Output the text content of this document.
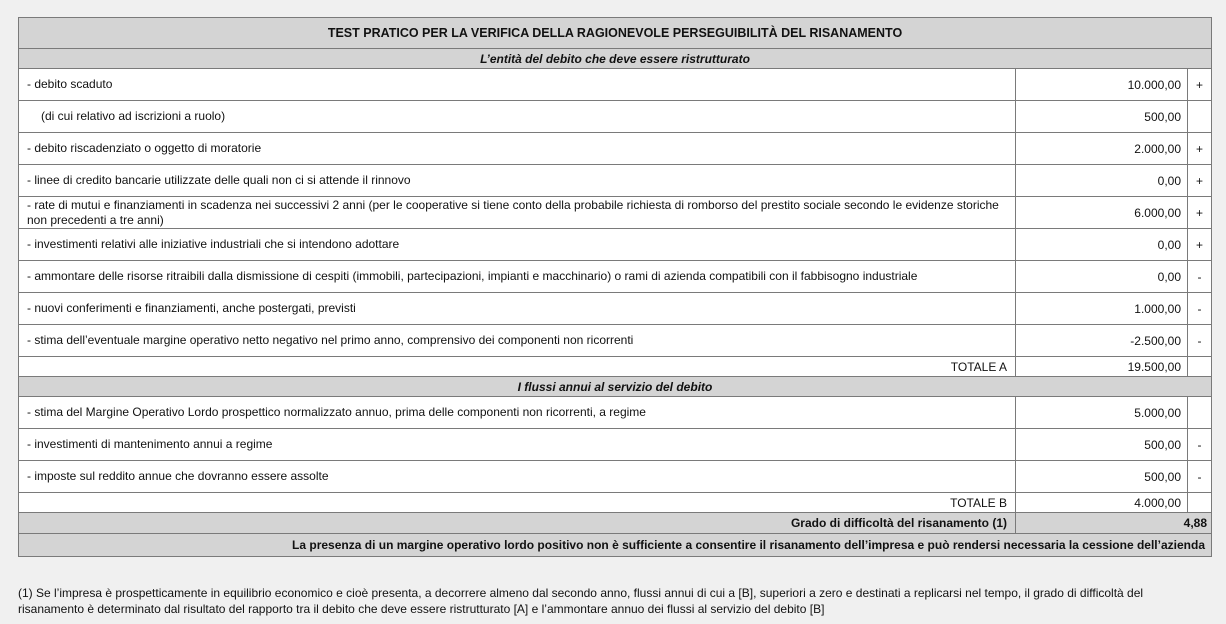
TEST PRATICO PER LA VERIFICA DELLA RAGIONEVOLE PERSEGUIBILITÀ DEL RISANAMENTO		
L’entità del debito che deve essere ristrutturato		
- debito scaduto	10.000,00	+
(di cui relativo ad iscrizioni a ruolo)	500,00	
- debito riscadenziato o oggetto di moratorie	2.000,00	+
- linee di credito bancarie utilizzate delle quali non ci si attende il rinnovo	0,00	+
- rate di mutui e finanziamenti in scadenza nei successivi 2 anni (per le cooperative si tiene conto della probabile richiesta di romborso del prestito sociale secondo le evidenze storiche non precedenti a tre anni)	6.000,00	+
- investimenti relativi alle iniziative industriali che si intendono adottare	0,00	+
- ammontare delle risorse ritraibili dalla dismissione di cespiti (immobili, partecipazioni, impianti e macchinario) o rami di azienda compatibili con il fabbisogno industriale	0,00	-
- nuovi conferimenti e finanziamenti, anche postergati, previsti	1.000,00	-
- stima dell’eventuale margine operativo netto negativo nel primo anno, comprensivo dei componenti non ricorrenti	-2.500,00	-
TOTALE A	19.500,00	
I flussi annui al servizio del debito		
- stima del Margine Operativo Lordo prospettico normalizzato annuo, prima delle componenti non ricorrenti, a regime	5.000,00	
- investimenti di mantenimento annui a regime	500,00	-
- imposte sul reddito annue che dovranno essere assolte	500,00	-
TOTALE B	4.000,00	
Grado di difficoltà del risanamento (1)	4,88	
La presenza di un margine operativo lordo positivo non è sufficiente a consentire il risanamento dell’impresa e può rendersi necessaria la cessione dell’azienda		
(1) Se l’impresa è prospetticamente in equilibrio economico e cioè presenta, a decorrere almeno dal secondo anno, flussi annui di cui a [B], superiori a zero e destinati a replicarsi nel tempo, il grado di difficoltà del risanamento è determinato dal risultato del rapporto tra il debito che deve essere ristrutturato [A] e l’ammontare annuo dei flussi al servizio del debito [B]
